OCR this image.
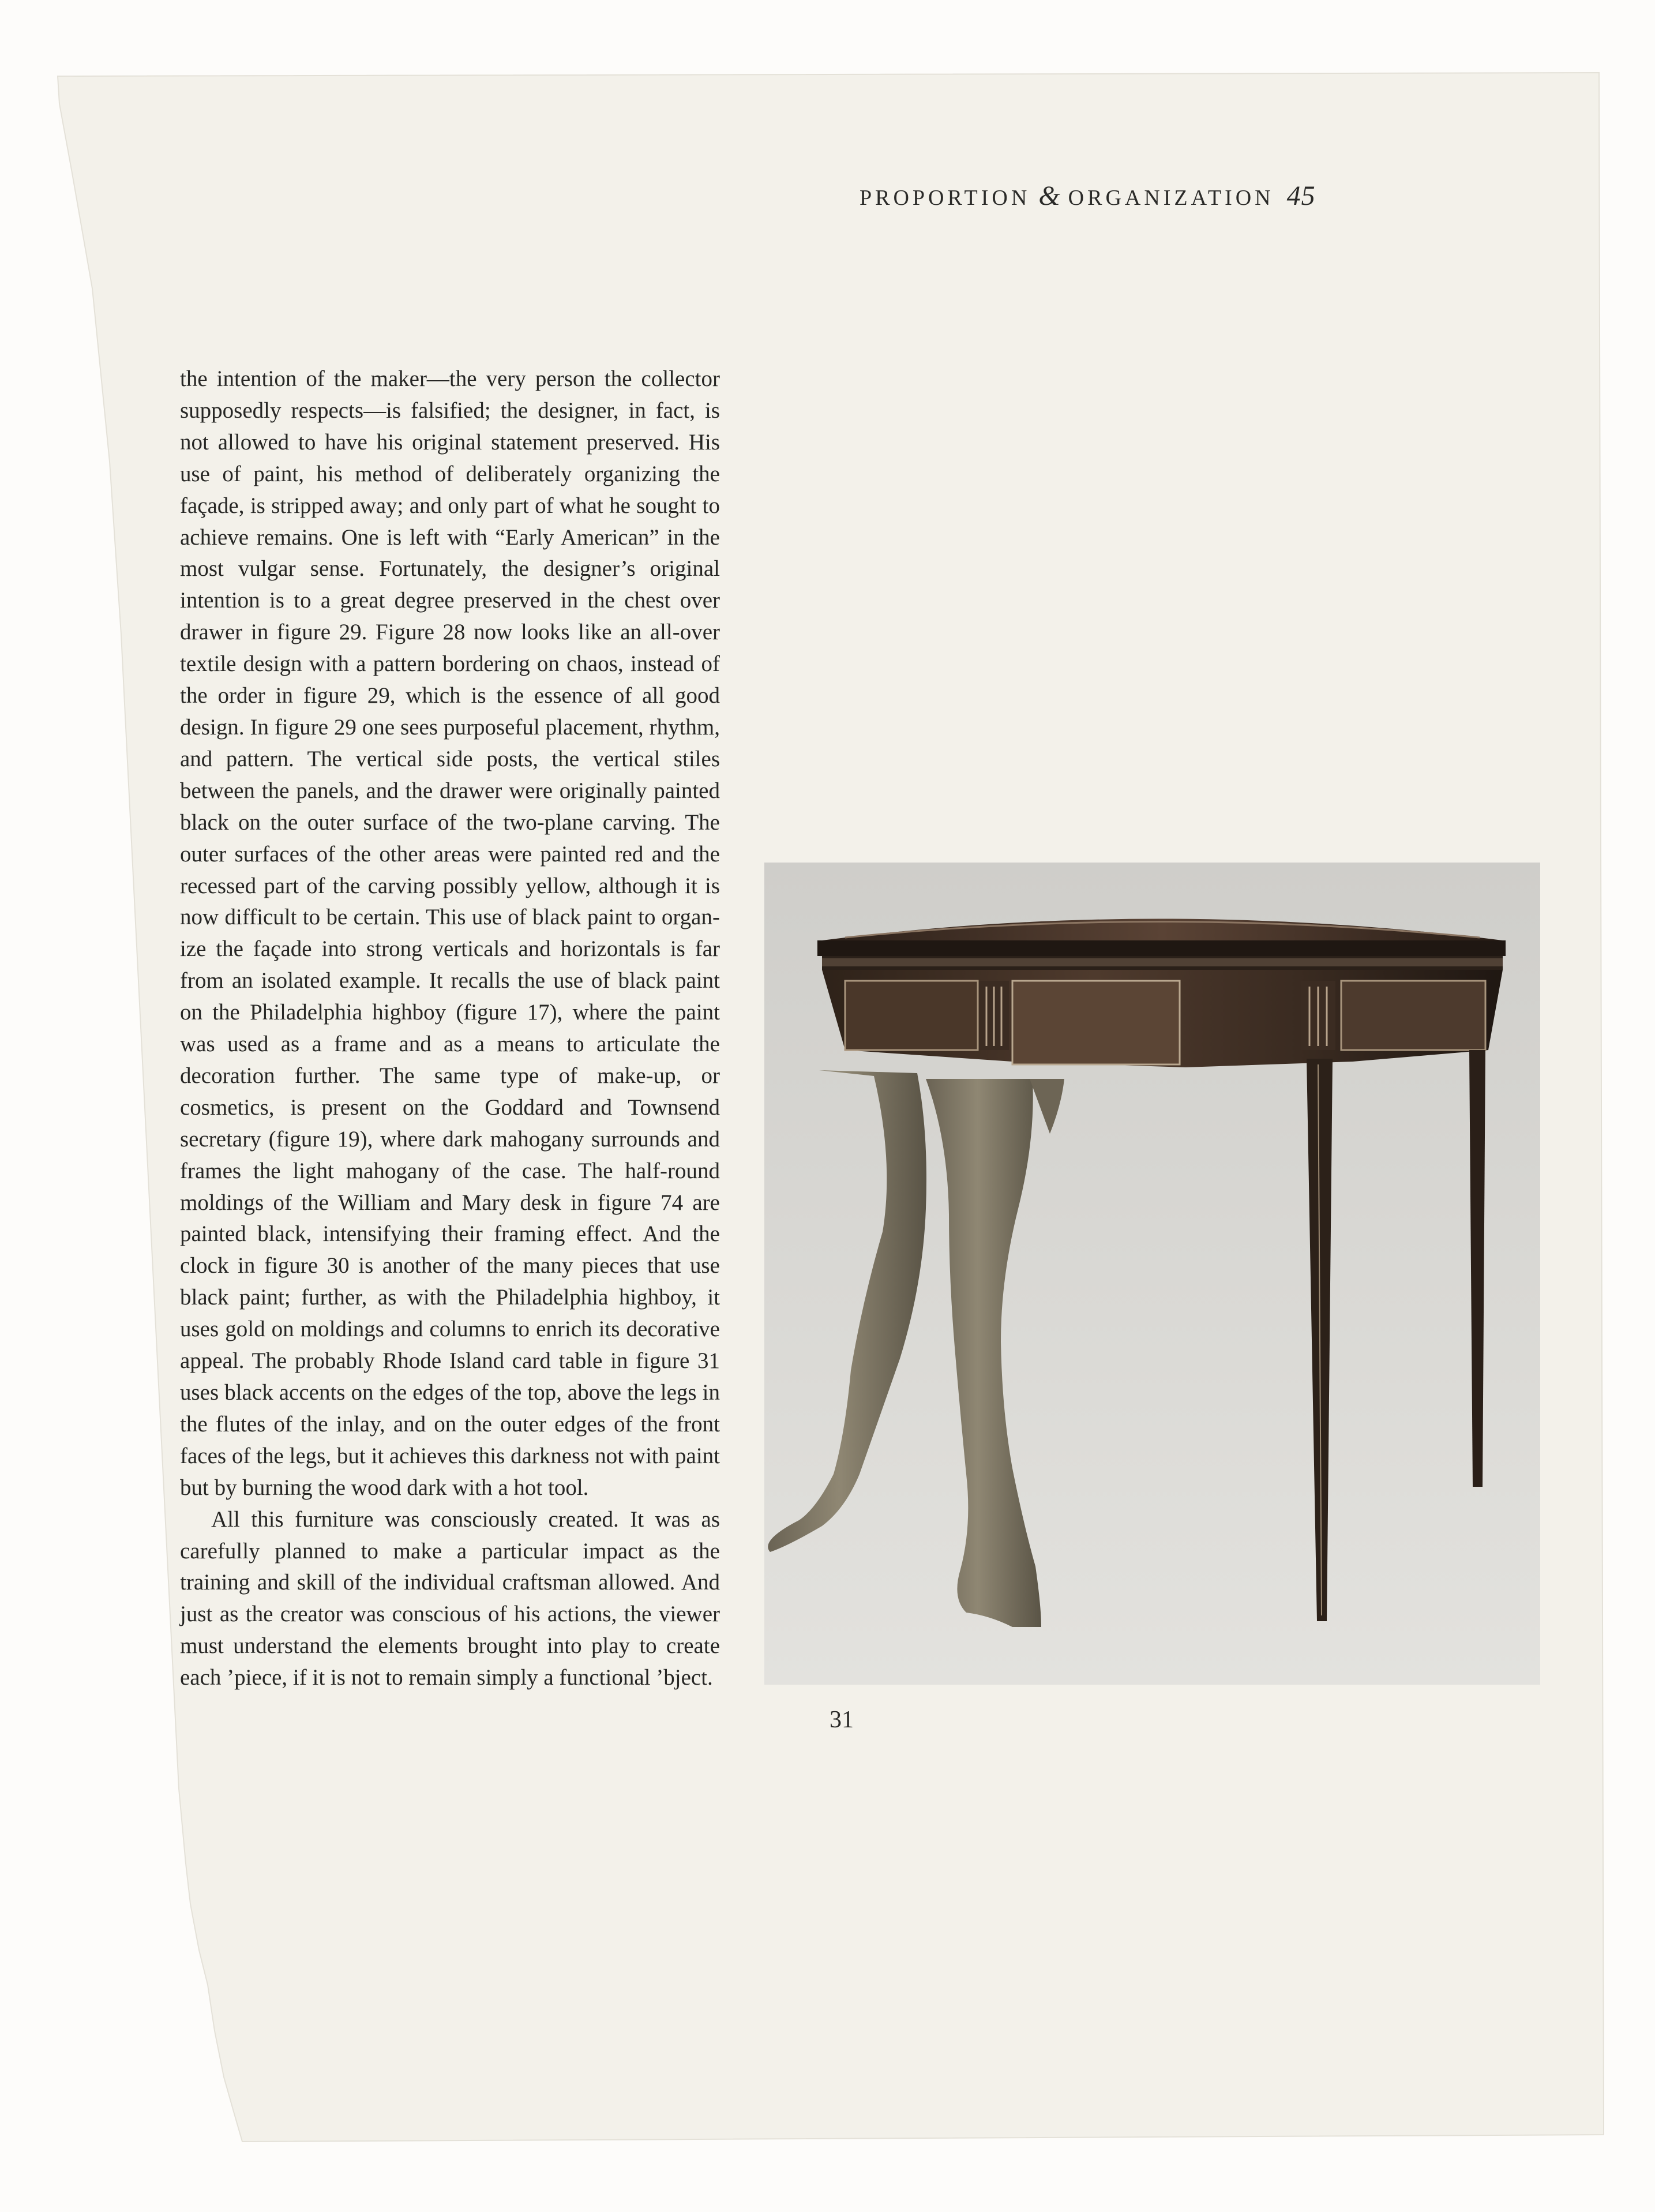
PROPORTION & ORGANIZATION 45

the intention of the maker—the very person the collector supposedly respects—is falsified; the designer, in fact, is not allowed to have his original statement preserved. His use of paint, his method of deliberately organizing the façade, is stripped away; and only part of what he sought to achieve remains. One is left with “Early American” in the most vulgar sense. Fortunately, the designer’s original intention is to a great degree preserved in the chest over drawer in figure 29. Figure 28 now looks like an all-over textile design with a pattern bordering on chaos, instead of the order in figure 29, which is the essence of all good design. In figure 29 one sees purposeful placement, rhythm, and pattern. The vertical side posts, the vertical stiles between the panels, and the drawer were originally painted black on the outer surface of the two-plane carving. The outer surfaces of the other areas were painted red and the recessed part of the carving possibly yellow, although it is now difficult to be certain. This use of black paint to organize the façade into strong verticals and horizontals is far from an isolated example. It recalls the use of black paint on the Philadelphia highboy (figure 17), where the paint was used as a frame and as a means to articulate the decoration further. The same type of make-up, or cosmetics, is present on the Goddard and Townsend secretary (figure 19), where dark mahogany surrounds and frames the light mahogany of the case. The half-round moldings of the William and Mary desk in figure 74 are painted black, intensifying their framing effect. And the clock in figure 30 is another of the many pieces that use black paint; further, as with the Philadelphia highboy, it uses gold on moldings and columns to enrich its decorative appeal. The probably Rhode Island card table in figure 31 uses black accents on the edges of the top, above the legs in the flutes of the inlay, and on the outer edges of the front faces of the legs, but it achieves this darkness not with paint but by burning the wood dark with a hot tool.

All this furniture was consciously created. It was as carefully planned to make a particular impact as the training and skill of the individual craftsman allowed. And just as the creator was conscious of his actions, the viewer must understand the elements brought into play to create each ’piece, if it is not to remain simply a functional ’bject.

31
